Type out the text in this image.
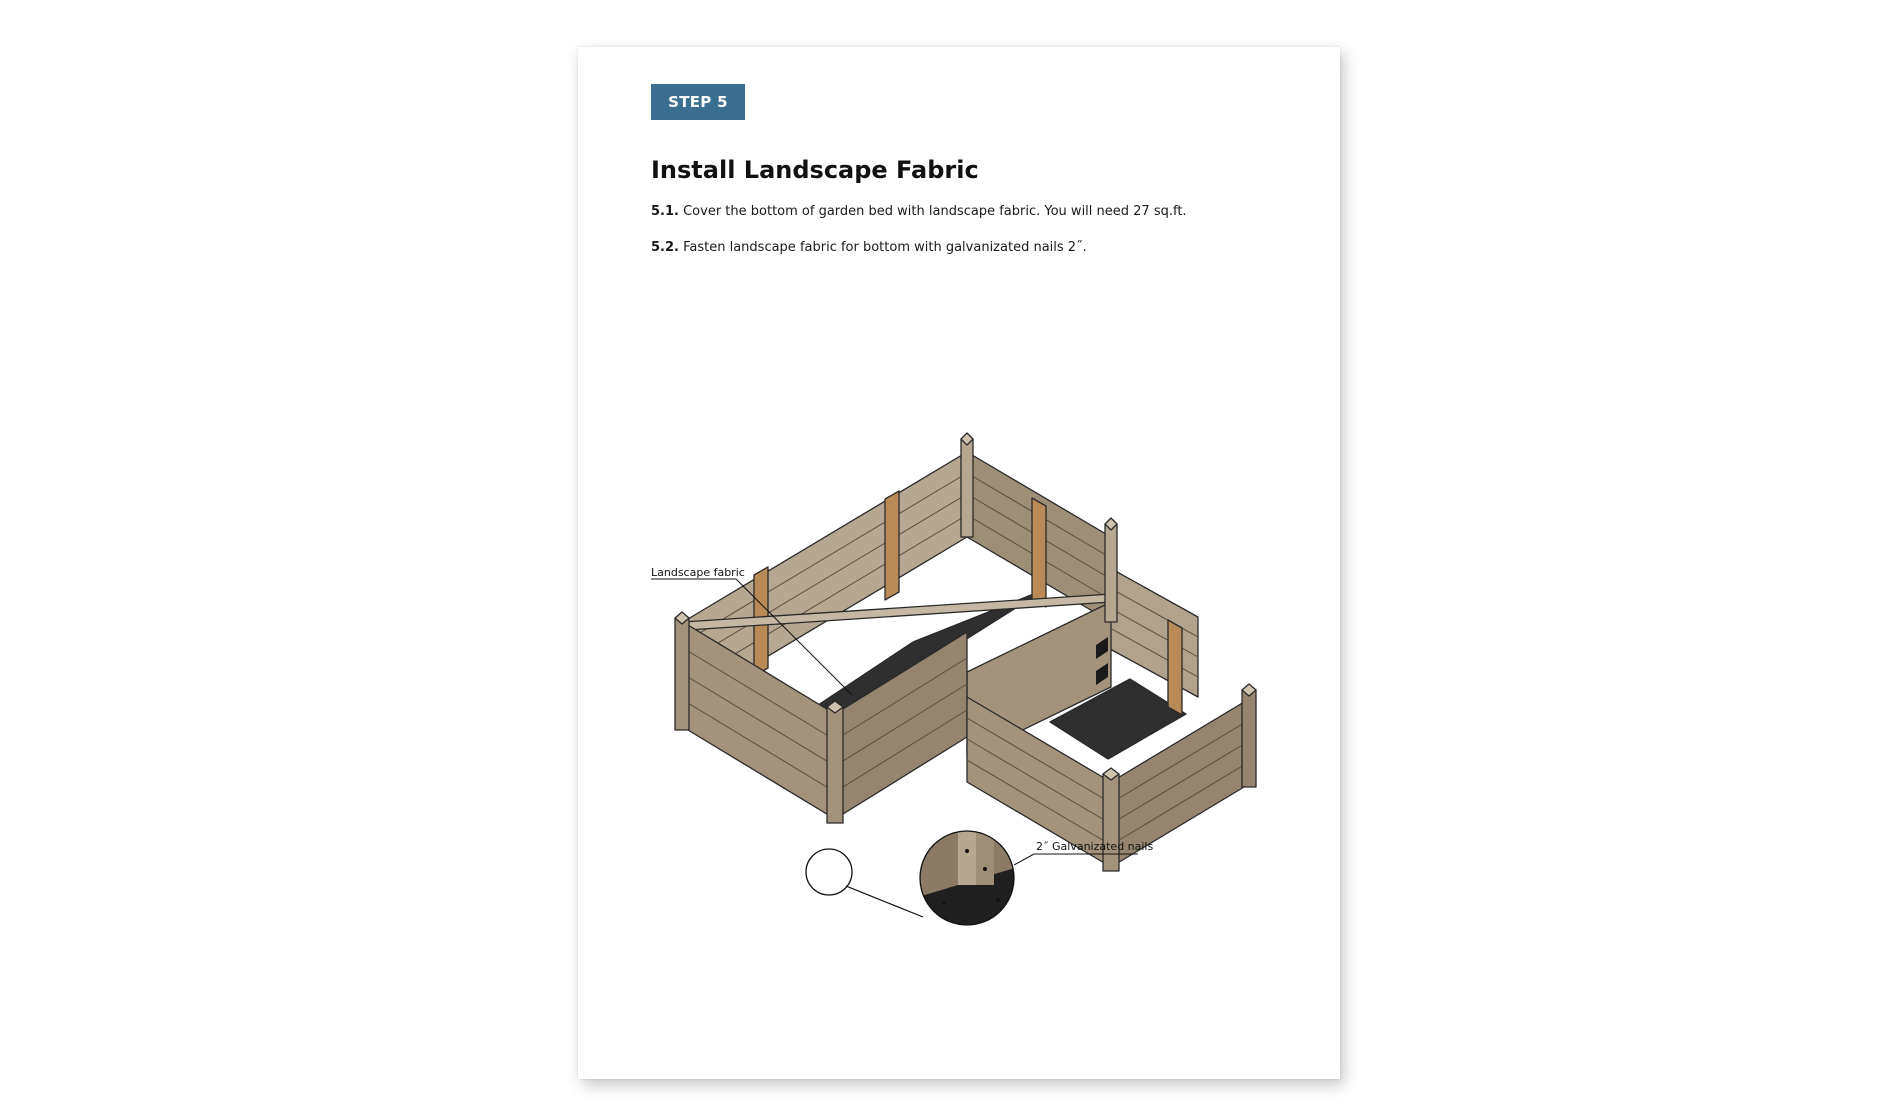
STEP 5
Install Landscape Fabric
5.1. Cover the bottom of garden bed with landscape fabric. You will need 27 sq.ft.
5.2. Fasten landscape fabric for bottom with galvanizated nails 2˝.
Landscape fabric
2˝ Galvanizated nails
